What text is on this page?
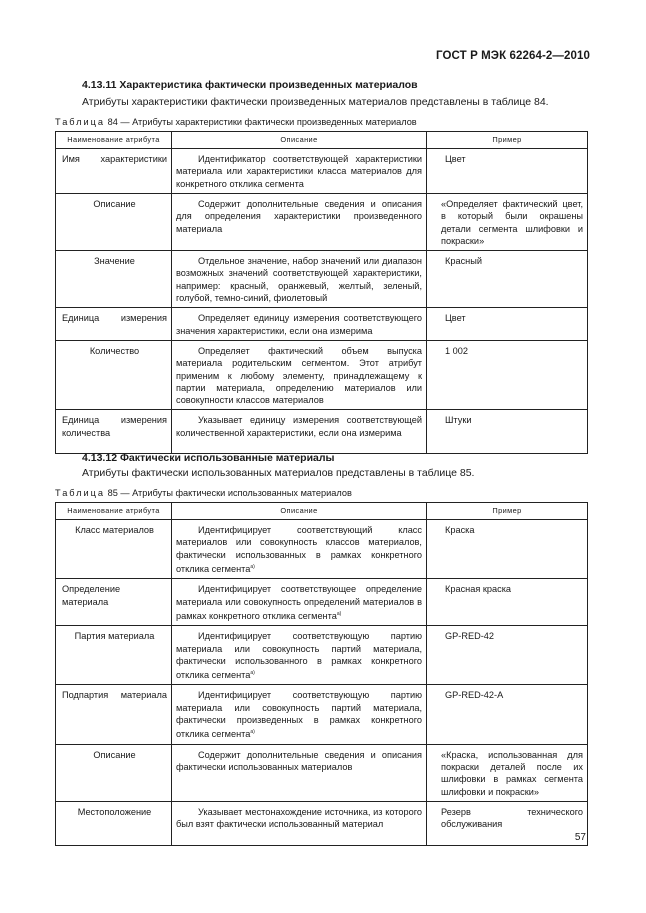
ГОСТ Р МЭК 62264-2—2010
4.13.11 Характеристика фактически произведенных материалов
Атрибуты характеристики фактически произведенных материалов представлены в таблице 84.
Таблица 84 — Атрибуты характеристики фактически произведенных материалов
Наименование атрибута	Описание	Пример
Имя характеристики	Идентификатор соответствующей характеристики материала или характеристики класса материалов для конкретного отклика сегмента	Цвет
Описание	Содержит дополнительные сведения и описания для определения характеристики произведенного материала	«Определяет фактический цвет, в который были окрашены детали сегмента шлифовки и покраски»
Значение	Отдельное значение, набор значений или диапазон возможных значений соответствующей характеристики, например: красный, оранжевый, желтый, зеленый, голубой, темно-синий, фиолетовый	Красный
Единица измерения	Определяет единицу измерения соответствующего значения характеристики, если она измерима	Цвет
Количество	Определяет фактический объем выпуска материала родительским сегментом. Этот атрибут применим к любому элементу, принадлежащему к партии материала, определению материалов или совокупности классов материалов	1 002
Единица измерения количества	Указывает единицу измерения соответствующей количественной характеристики, если она измерима	Штуки
4.13.12 Фактически использованные материалы
Атрибуты фактически использованных материалов представлены в таблице 85.
Таблица 85 — Атрибуты фактически использованных материалов
Наименование атрибута	Описание	Пример
Класс материалов	Идентифицирует соответствующий класс материалов или совокупность классов материалов, фактически использованных в рамках конкретного отклика сегмента$^{а)}$	Краска
Определение материала	Идентифицирует соответствующее определение материала или совокупность определений материалов в рамках конкретного отклика сегмента$^{а)}$	Красная краска
Партия материала	Идентифицирует соответствующую партию материала или совокупность партий материала, фактически использованного в рамках конкретного отклика сегмента$^{а)}$	GP-RED-42
Подпартия материала	Идентифицирует соответствующую партию материала или совокупность партий материала, фактически произведенных в рамках конкретного отклика сегмента$^{а)}$	GP-RED-42-A
Описание	Содержит дополнительные сведения и описания фактически использованных материалов	«Краска, использованная для покраски деталей после их шлифовки в рамках сегмента шлифовки и покраски»
Местоположение	Указывает местонахождение источника, из которого был взят фактически использованный материал	Резерв технического обслуживания
57
